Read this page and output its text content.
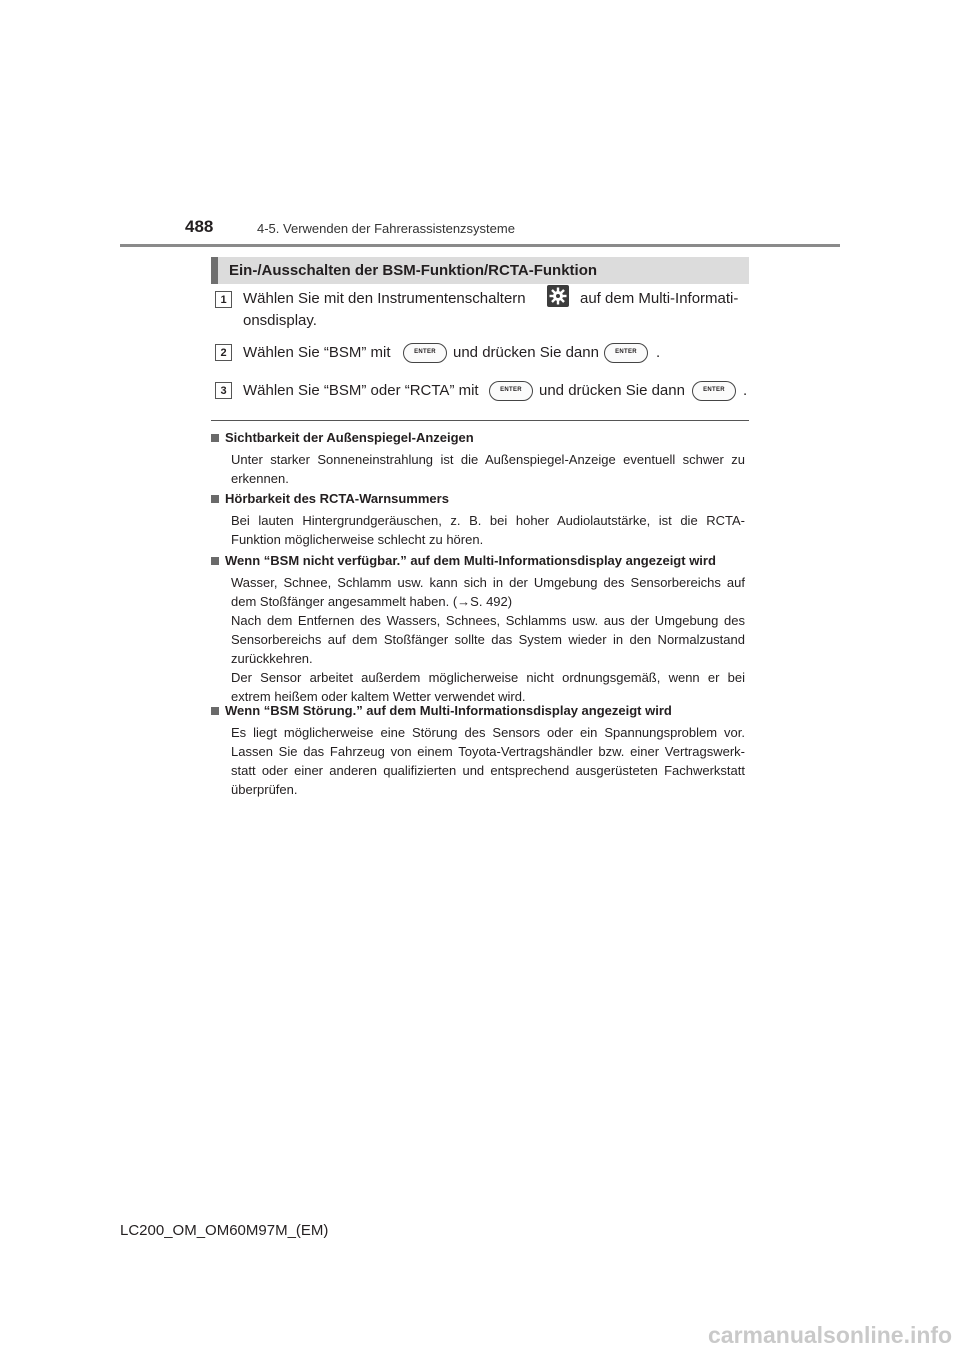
488	4-5. Verwenden der Fahrerassistenzsysteme
Ein-/Ausschalten der BSM-Funktion/RCTA-Funktion
1	Wählen Sie mit den Instrumentenschaltern	auf dem Multi-Informati-
onsdisplay.
2	Wählen Sie “BSM” mit	ENTER	und drücken Sie dann	ENTER	.
3	Wählen Sie “BSM” oder “RCTA” mit	ENTER	und drücken Sie dann	ENTER	.
Sichtbarkeit der Außenspiegel-Anzeigen

Unter starker Sonneneinstrahlung ist die Außenspiegel-Anzeige eventuell schwer zu erkennen.

Hörbarkeit des RCTA-Warnsummers

Bei lauten Hintergrundgeräuschen, z. B. bei hoher Audiolautstärke, ist die RCTA-Funktion möglicherweise schlecht zu hören.

Wenn “BSM nicht verfügbar.” auf dem Multi-Informationsdisplay angezeigt wird

Wasser, Schnee, Schlamm usw. kann sich in der Umgebung des Sensorbereichs auf dem Stoßfänger angesammelt haben. (→S. 492)

Nach dem Entfernen des Wassers, Schnees, Schlamms usw. aus der Umgebung des Sensorbereichs auf dem Stoßfänger sollte das System wieder in den Normalzustand zurückkehren.

Der Sensor arbeitet außerdem möglicherweise nicht ordnungsgemäß, wenn er bei extrem heißem oder kaltem Wetter verwendet wird.

Wenn “BSM Störung.” auf dem Multi-Informationsdisplay angezeigt wird

Es liegt möglicherweise eine Störung des Sensors oder ein Spannungsproblem vor. Lassen Sie das Fahrzeug von einem Toyota-Vertragshändler bzw. einer Vertragswerk-statt oder einer anderen qualifizierten und entsprechend ausgerüsteten Fachwerkstatt überprüfen.

LC200_OM_OM60M97M_(EM)
carmanualsonline.info
